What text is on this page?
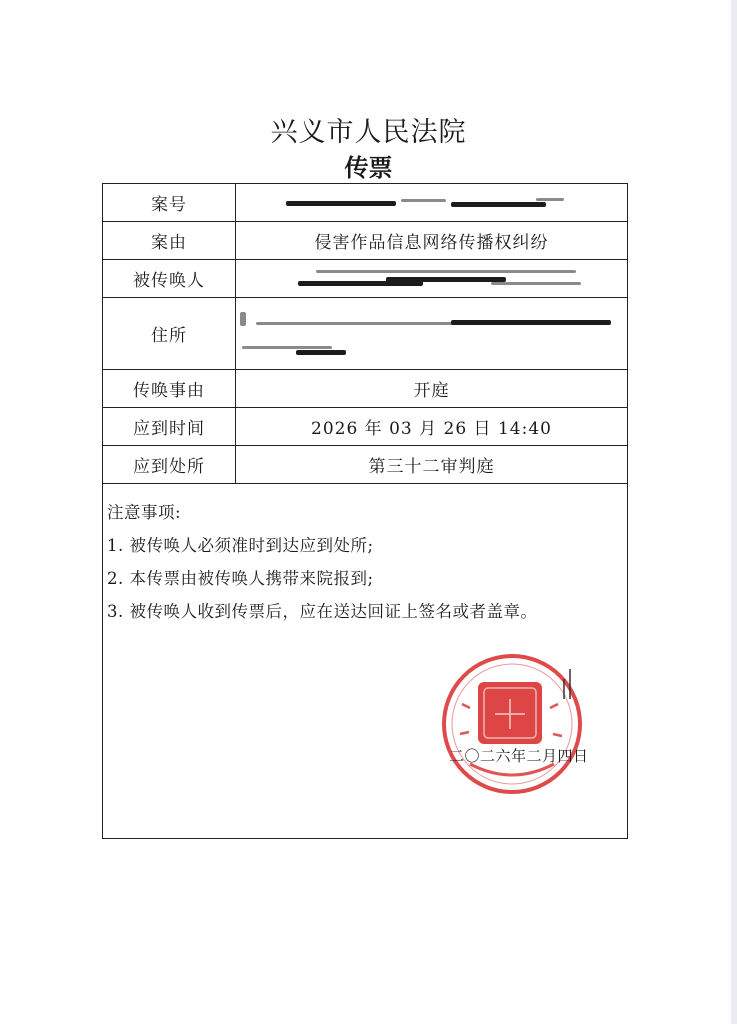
兴义市人民法院
传票
案号
案由	侵害作品信息网络传播权纠纷
被传唤人
住所
传唤事由	开庭
应到时间	2026 年 03 月 26 日 14:40
应到处所	第三十二审判庭
注意事项:
1. 被传唤人必须准时到达应到处所;
2. 本传票由被传唤人携带来院报到;
3. 被传唤人收到传票后，应在送达回证上签名或者盖章。
二〇二六年二月四日
